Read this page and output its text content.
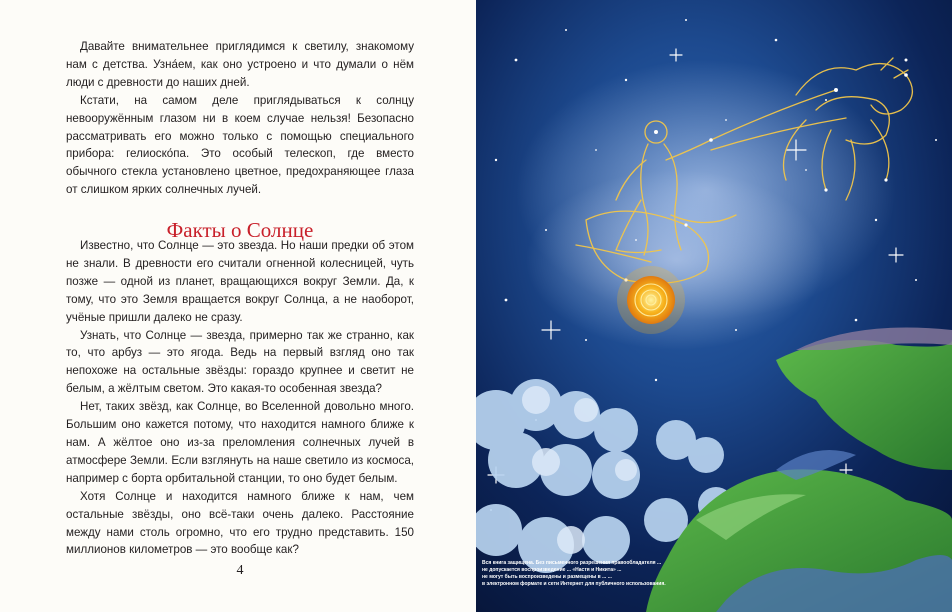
Давайте внимательнее приглядимся к светилу, знакомому нам с детства. Узна́ем, как оно устроено и что думали о нём люди с древности до наших дней.

Кстати, на самом деле приглядываться к солнцу невооружённым глазом ни в коем случае нельзя! Безопасно рассматривать его можно только с помощью специального прибора: гелиоско́па. Это особый телескоп, где вместо обычного стекла установлено цветное, предохраняющее глаза от слишком ярких солнечных лучей.

Факты о Солнце

Известно, что Солнце — это звезда. Но наши предки об этом не знали. В древности его считали огненной колесницей, чуть позже — одной из планет, вращающихся вокруг Земли. Да, к тому, что это Земля вращается вокруг Солнца, а не наоборот, учёные пришли далеко не сразу.

Узнать, что Солнце — звезда, примерно так же странно, как то, что арбуз — это ягода. Ведь на первый взгляд оно так непохоже на остальные звёзды: гораздо крупнее и светит не белым, а жёлтым светом. Это какая-то особенная звезда?

Нет, таких звёзд, как Солнце, во Вселенной довольно много. Большим оно кажется потому, что находится намного ближе к нам. А жёлтое оно из-за преломления солнечных лучей в атмосфере Земли. Если взглянуть на наше светило из космоса, например с борта орбитальной станции, то оно будет белым.

Хотя Солнце и находится намного ближе к нам, чем остальные звёзды, оно всё-таки очень далеко. Расстояние между нами столь огромно, что его трудно представить. 150 миллионов километров — это вообще как?

4	Вся книга защищена. Без письменного разрешения правообладателя ...
не допускается воспроизведение ... «Настя и Никита» ...
не могут быть воспроизведены и размещены в ... ...
в электронном формате и сети Интернет для публичного использования.
